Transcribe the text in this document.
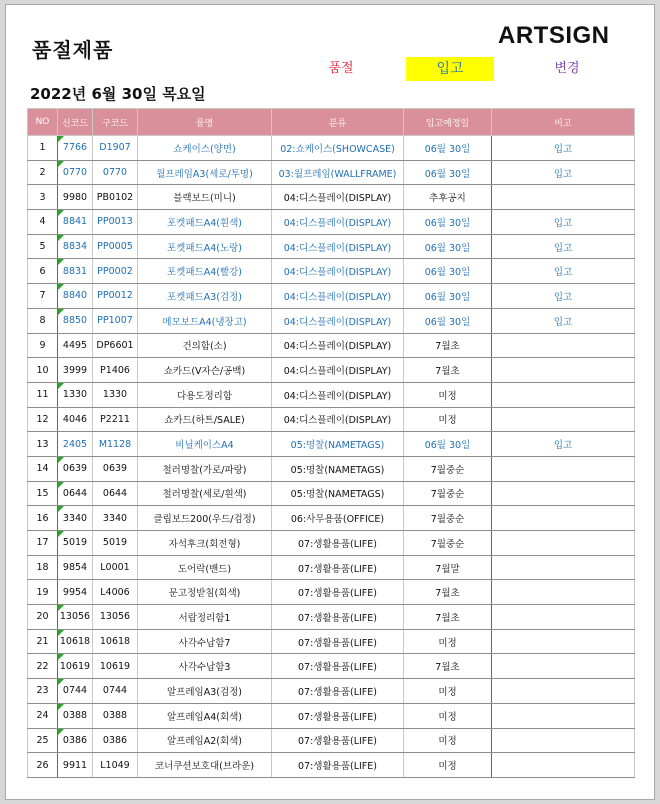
품절제품
ARTSIGN
품절	입고	변경
2022년 6월 30일 목요일
NO	신코드	구코드	품명	분류	입고예정일	비고
1	7766	D1907	쇼케이스(양면)	02:쇼케이스(SHOWCASE)	06월 30일	입고
2	0770	0770	월프레임A3(세로/투명)	03:월프레임(WALLFRAME)	06월 30일	입고
3	9980	PB0102	블랙보드(미니)	04:디스플레이(DISPLAY)	추후공지	
4	8841	PP0013	포켓패드A4(흰색)	04:디스플레이(DISPLAY)	06월 30일	입고
5	8834	PP0005	포켓패드A4(노랑)	04:디스플레이(DISPLAY)	06월 30일	입고
6	8831	PP0002	포켓패드A4(빨강)	04:디스플레이(DISPLAY)	06월 30일	입고
7	8840	PP0012	포켓패드A3(검정)	04:디스플레이(DISPLAY)	06월 30일	입고
8	8850	PP1007	메모보드A4(냉장고)	04:디스플레이(DISPLAY)	06월 30일	입고
9	4495	DP6601	건의함(소)	04:디스플레이(DISPLAY)	7월초	
10	3999	P1406	쇼카드(V자슨/공백)	04:디스플레이(DISPLAY)	7월초	
11	1330	1330	다용도정리함	04:디스플레이(DISPLAY)	미정	
12	4046	P2211	쇼카드(하트/SALE)	04:디스플레이(DISPLAY)	미정	
13	2405	M1128	비닐케이스A4	05:명찰(NAMETAGS)	06월 30일	입고
14	0639	0639	철러명찰(가로/파랑)	05:명찰(NAMETAGS)	7월중순	
15	0644	0644	철러명찰(세로/흰색)	05:명찰(NAMETAGS)	7월중순	
16	3340	3340	클립보드200(우드/검정)	06:사무용품(OFFICE)	7월중순	
17	5019	5019	자석후크(회전형)	07:생활용품(LIFE)	7월중순	
18	9854	L0001	도어락(밴드)	07:생활용품(LIFE)	7월말	
19	9954	L4006	문고정받침(회색)	07:생활용품(LIFE)	7월초	
20	13056	13056	서랍정리함1	07:생활용품(LIFE)	7월초	
21	10618	10618	사각수납함7	07:생활용품(LIFE)	미정	
22	10619	10619	사각수납함3	07:생활용품(LIFE)	7월초	
23	0744	0744	알프레임A3(검정)	07:생활용품(LIFE)	미정	
24	0388	0388	알프레임A4(회색)	07:생활용품(LIFE)	미정	
25	0386	0386	알프레임A2(회색)	07:생활용품(LIFE)	미정	
26	9911	L1049	코너쿠션보호대(브라운)	07:생활용품(LIFE)	미정	
